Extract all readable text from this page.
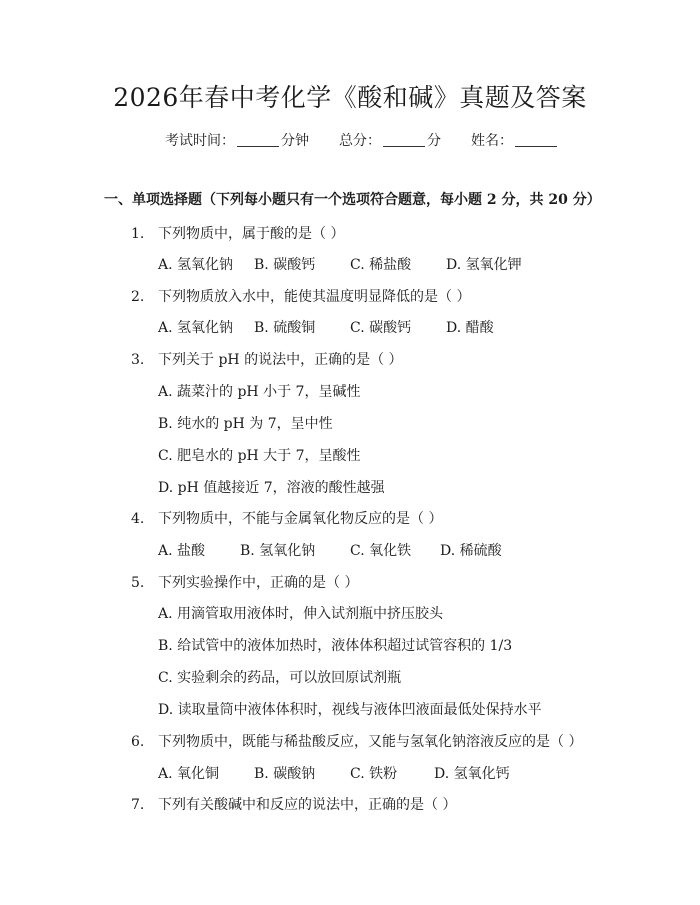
2026年春中考化学《酸和碱》真题及答案
考试时间：	分钟 总分：	分 姓名：
一、单项选择题（下列每小题只有一个选项符合题意，每小题 2 分，共 20 分）
1. 下列物质中，属于酸的是（ ）
A. 氢氧化钠 B. 碳酸钙 C. 稀盐酸 D. 氢氧化钾
2. 下列物质放入水中，能使其温度明显降低的是（ ）
A. 氢氧化钠 B. 硫酸铜 C. 碳酸钙 D. 醋酸
3. 下列关于 pH 的说法中，正确的是（ ）
A. 蔬菜汁的 pH 小于 7，呈碱性
B. 纯水的 pH 为 7，呈中性
C. 肥皂水的 pH 大于 7，呈酸性
D. pH 值越接近 7，溶液的酸性越强
4. 下列物质中，不能与金属氧化物反应的是（ ）
A. 盐酸 B. 氢氧化钠 C. 氧化铁 D. 稀硫酸
5. 下列实验操作中，正确的是（ ）
A. 用滴管取用液体时，伸入试剂瓶中挤压胶头
B. 给试管中的液体加热时，液体体积超过试管容积的 1/3
C. 实验剩余的药品，可以放回原试剂瓶
D. 读取量筒中液体体积时，视线与液体凹液面最低处保持水平
6. 下列物质中，既能与稀盐酸反应，又能与氢氧化钠溶液反应的是（ ）
A. 氧化铜 B. 碳酸钠 C. 铁粉	D. 氢氧化钙
7. 下列有关酸碱中和反应的说法中，正确的是（ ）
